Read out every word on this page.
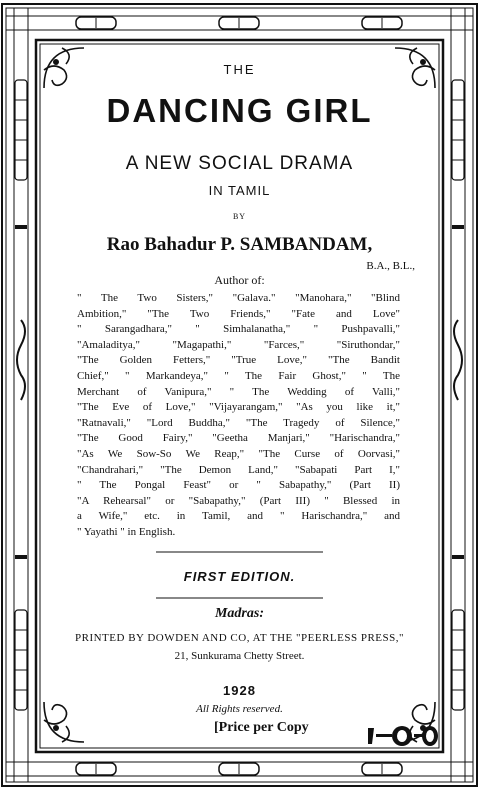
THE
DANCING GIRL
A NEW SOCIAL DRAMA
IN TAMIL
BY
Rao Bahadur P. SAMBANDAM,
B.A., B.L.,
Author of:
" The Two Sisters," "Galava." "Manohara," "Blind
Ambition," "The Two Friends," "Fate and Love"
" Sarangadhara," " Simhalanatha," " Pushpavalli,"
"Amaladitya," "Magapathi," "Farces," "Siruthondar,"
"The Golden Fetters," "True Love," "The Bandit
Chief," " Markandeya," " The Fair Ghost," " The
Merchant of Vanipura," " The Wedding of Valli,"
"The Eve of Love," "Vijayarangam," "As you like it,"
"Ratnavali," "Lord Buddha," "The Tragedy of Silence,"
"The Good Fairy," "Geetha Manjari," "Harischandra,"
"As We Sow-So We Reap," "The Curse of Oorvasi,"
"Chandrahari," "The Demon Land," "Sabapati Part I,"
" The Pongal Feast" or " Sabapathy," (Part II)
"A Rehearsal" or "Sabapathy," (Part III) " Blessed in
a Wife," etc. in Tamil, and " Harischandra," and
" Yayathi " in English.
FIRST EDITION.
Madras:
PRINTED BY DOWDEN AND CO, AT THE "PEERLESS PRESS,"
21, Sunkurama Chetty Street.
1928
All Rights reserved.
[Price per Copy
